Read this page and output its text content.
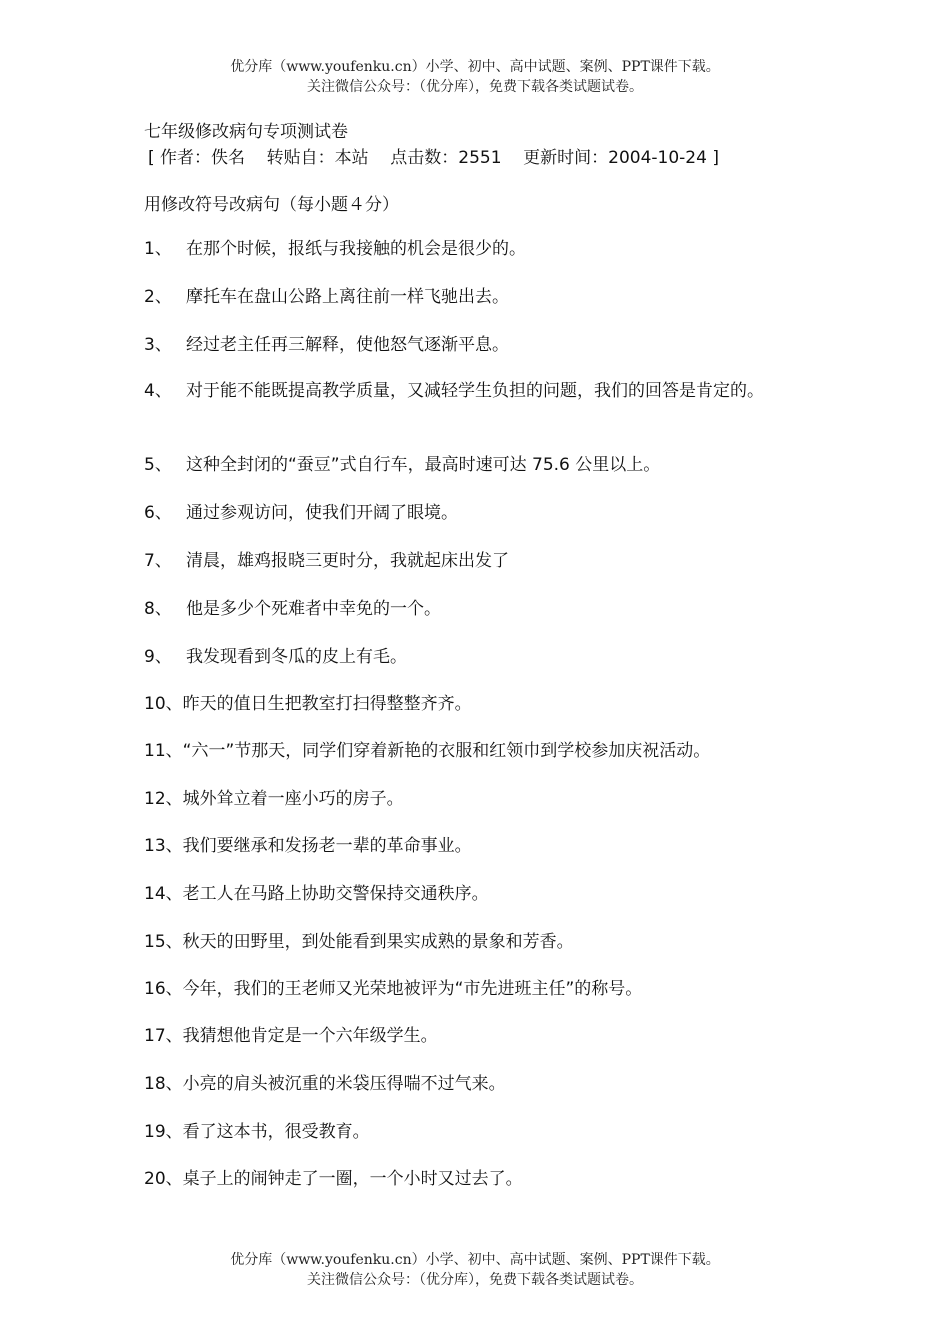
优分库（www.youfenku.cn）小学、初中、高中试题、案例、PPT课件下载。
关注微信公众号：（优分库），免费下载各类试题试卷。
七年级修改病句专项测试卷
[ 作者：佚名    转贴自：本站    点击数：2551    更新时间：2004-10-24 ]
用修改符号改病句（每小题４分）
1、 在那个时候，报纸与我接触的机会是很少的。
2、 摩托车在盘山公路上离往前一样飞驰出去。
3、 经过老主任再三解释，使他怒气逐渐平息。
4、 对于能不能既提高教学质量，又减轻学生负担的问题，我们的回答是肯定的。
5、 这种全封闭的“蚕豆”式自行车，最高时速可达 75.6 公里以上。
6、 通过参观访问，使我们开阔了眼境。
7、 清晨，雄鸡报晓三更时分，我就起床出发了
8、 他是多少个死难者中幸免的一个。
9、 我发现看到冬瓜的皮上有毛。
10、昨天的值日生把教室打扫得整整齐齐。
11、“六一”节那天，同学们穿着新艳的衣服和红领巾到学校参加庆祝活动。
12、城外耸立着一座小巧的房子。
13、我们要继承和发扬老一辈的革命事业。
14、老工人在马路上协助交警保持交通秩序。
15、秋天的田野里，到处能看到果实成熟的景象和芳香。
16、今年，我们的王老师又光荣地被评为“市先进班主任”的称号。
17、我猜想他肯定是一个六年级学生。
18、小亮的肩头被沉重的米袋压得喘不过气来。
19、看了这本书，很受教育。
20、桌子上的闹钟走了一圈，一个小时又过去了。
优分库（www.youfenku.cn）小学、初中、高中试题、案例、PPT课件下载。
关注微信公众号：（优分库），免费下载各类试题试卷。
